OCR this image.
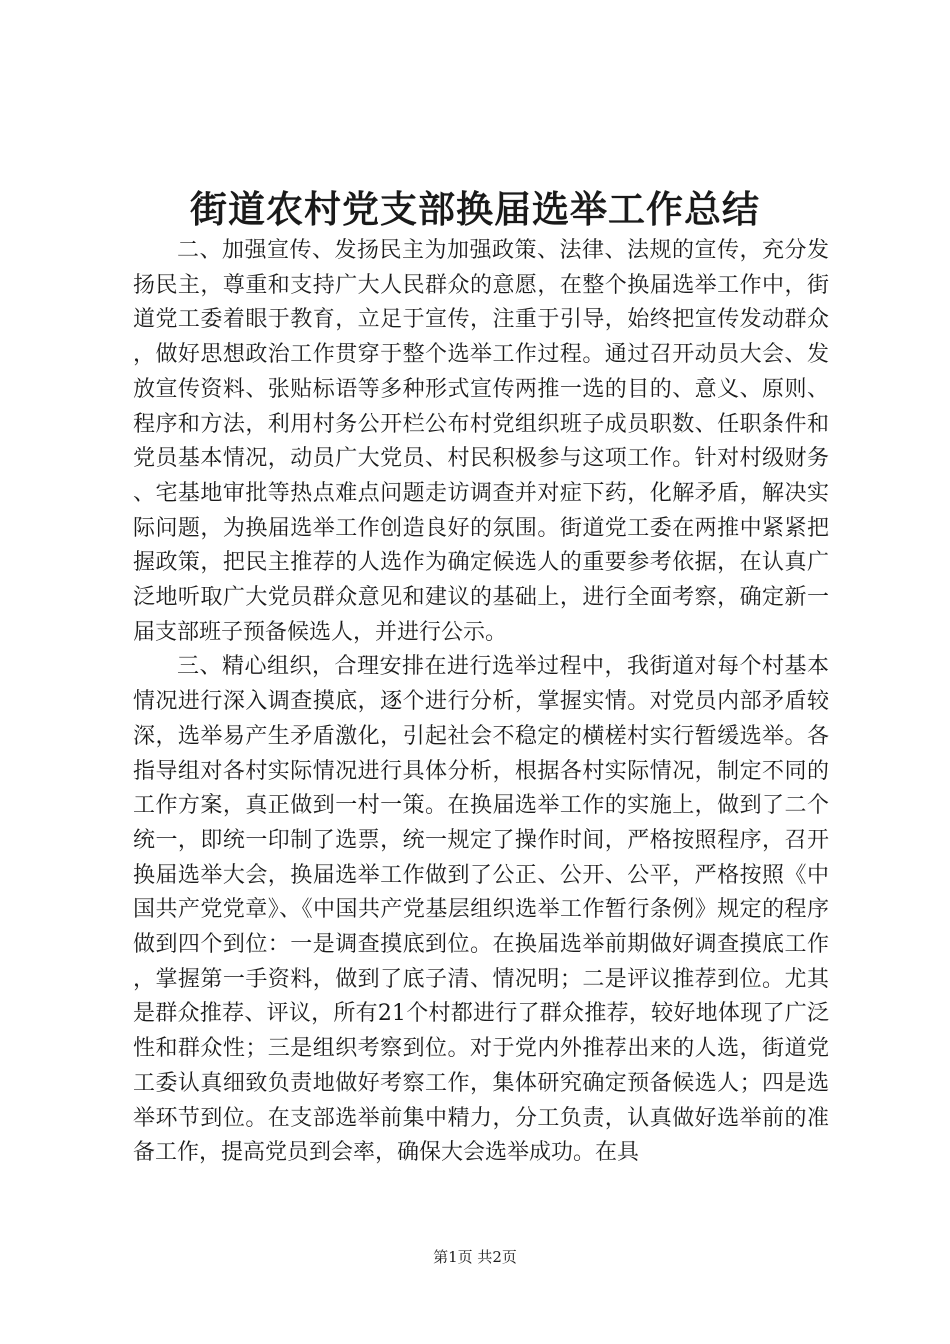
街道农村党支部换届选举工作总结

二、加强宣传、发扬民主为加强政策、法律、法规的宣传，充分发扬民主，尊重和支持广大人民群众的意愿，在整个换届选举工作中，街道党工委着眼于教育，立足于宣传，注重于引导，始终把宣传发动群众，做好思想政治工作贯穿于整个选举工作过程。通过召开动员大会、发放宣传资料、张贴标语等多种形式宣传两推一选的目的、意义、原则、程序和方法，利用村务公开栏公布村党组织班子成员职数、任职条件和党员基本情况，动员广大党员、村民积极参与这项工作。针对村级财务、宅基地审批等热点难点问题走访调查并对症下药，化解矛盾，解决实际问题，为换届选举工作创造良好的氛围。街道党工委在两推中紧紧把握政策，把民主推荐的人选作为确定候选人的重要参考依据，在认真广泛地听取广大党员群众意见和建议的基础上，进行全面考察，确定新一届支部班子预备候选人，并进行公示。

三、精心组织，合理安排在进行选举过程中，我街道对每个村基本情况进行深入调查摸底，逐个进行分析，掌握实情。对党员内部矛盾较深，选举易产生矛盾激化，引起社会不稳定的横槎村实行暂缓选举。各指导组对各村实际情况进行具体分析，根据各村实际情况，制定不同的工作方案，真正做到一村一策。在换届选举工作的实施上，做到了二个统一，即统一印制了选票，统一规定了操作时间，严格按照程序，召开换届选举大会，换届选举工作做到了公正、公开、公平，严格按照《中国共产党党章》、《中国共产党基层组织选举工作暂行条例》规定的程序做到四个到位：一是调查摸底到位。在换届选举前期做好调查摸底工作，掌握第一手资料，做到了底子清、情况明；二是评议推荐到位。尤其是群众推荐、评议，所有21个村都进行了群众推荐，较好地体现了广泛性和群众性；三是组织考察到位。对于党内外推荐出来的人选，街道党工委认真细致负责地做好考察工作，集体研究确定预备候选人；四是选举环节到位。在支部选举前集中精力，分工负责，认真做好选举前的准备工作，提高党员到会率，确保大会选举成功。在具

第1页 共2页
